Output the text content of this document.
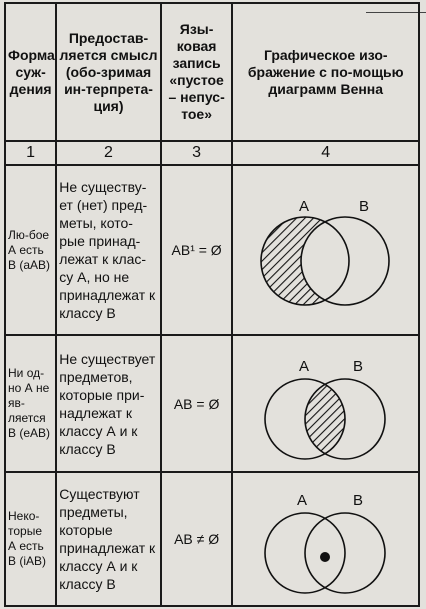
Форма суж-дения	Предостав-ляется смысл (обо-зримая ин-терпрета-ция)	Язы-ковая запись «пустое – непус-тое»	Графическое изо-бражение с по-мощью диаграмм Венна
1	2	3	4
Лю-бое А есть В (аАВ)	Не существу-ет (нет) пред-меты, кото-рые принад-лежат к клас-су А, но не принадлежат к классу В	AB¹ = Ø	A B

Ни од-но А не яв-ляется В (еАВ)	Не существует предметов, которые при-надлежат к классу А и к классу В	AB = Ø	A B

Неко-торые А есть В (iАВ)	Существуют предметы, которые принадлежат к классу А и к классу В	AB ≠ Ø	A B
